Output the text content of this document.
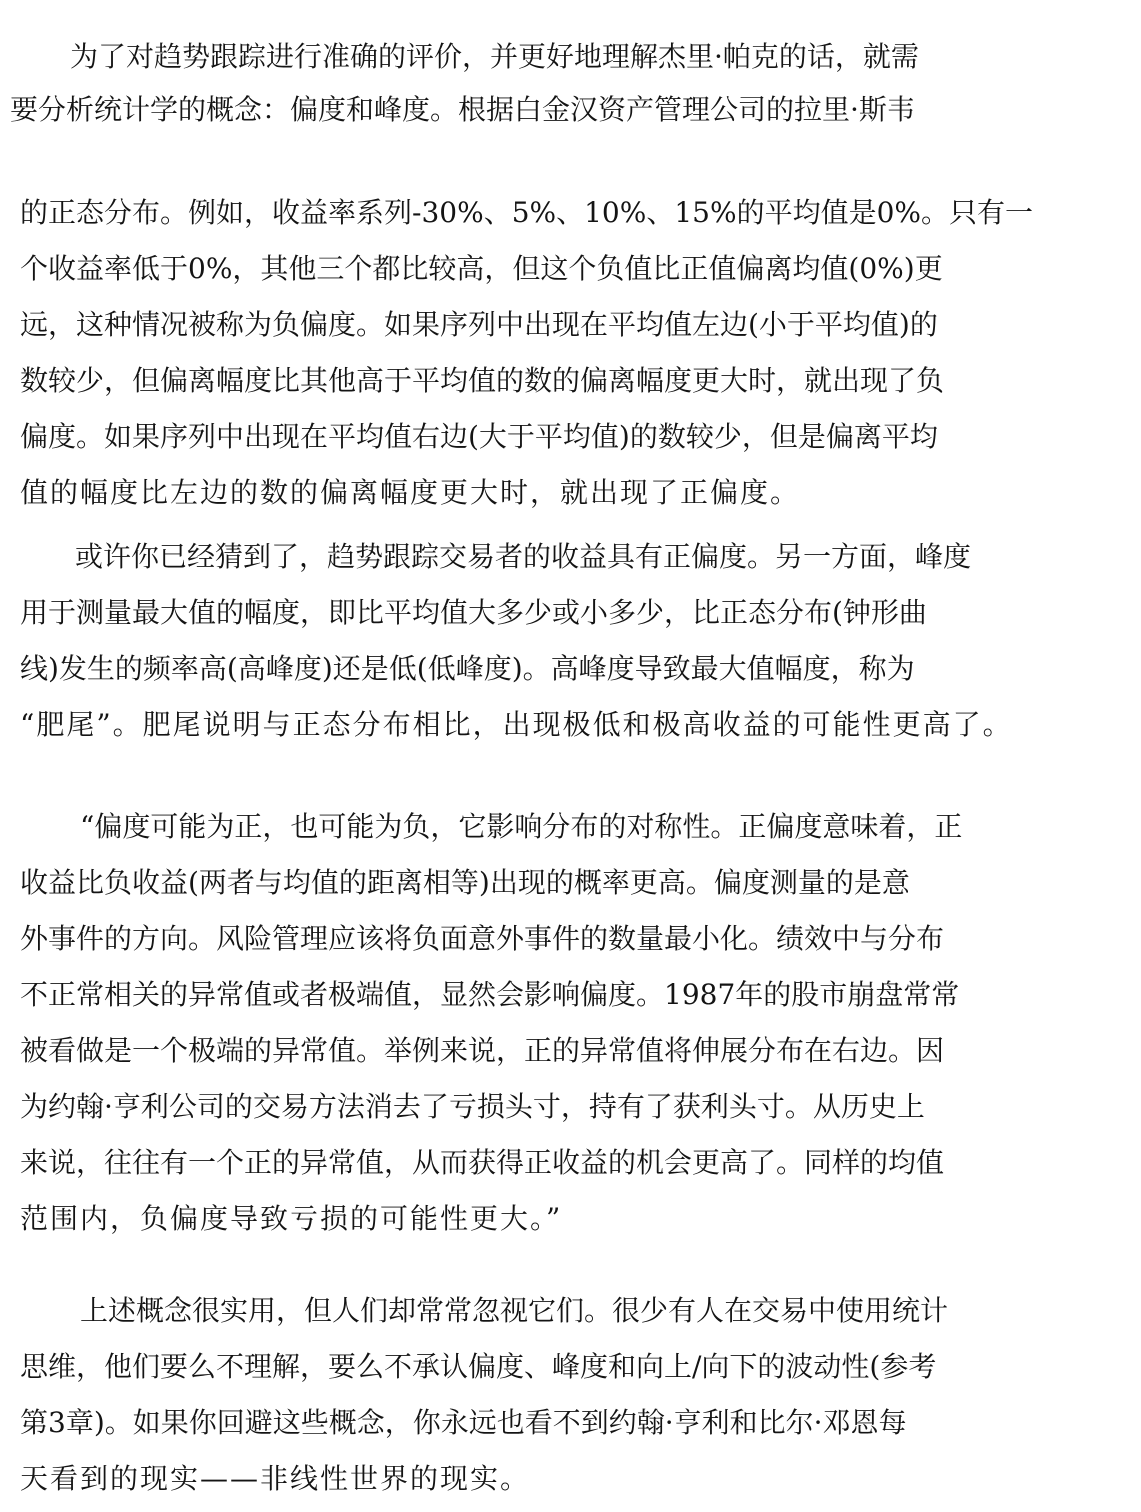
为了对趋势跟踪进行准确的评价，并更好地理解杰里·帕克的话，就需
要分析统计学的概念：偏度和峰度。根据白金汉资产管理公司的拉里·斯韦
的正态分布。例如，收益率系列-30%、5%、10%、15%的平均值是0%。只有一
个收益率低于0%，其他三个都比较高，但这个负值比正值偏离均值(0%)更
远，这种情况被称为负偏度。如果序列中出现在平均值左边(小于平均值)的
数较少，但偏离幅度比其他高于平均值的数的偏离幅度更大时，就出现了负
偏度。如果序列中出现在平均值右边(大于平均值)的数较少，但是偏离平均
值的幅度比左边的数的偏离幅度更大时，就出现了正偏度。
或许你已经猜到了，趋势跟踪交易者的收益具有正偏度。另一方面，峰度
用于测量最大值的幅度，即比平均值大多少或小多少，比正态分布(钟形曲
线)发生的频率高(高峰度)还是低(低峰度)。高峰度导致最大值幅度，称为
“肥尾”。肥尾说明与正态分布相比，出现极低和极高收益的可能性更高了。
“偏度可能为正，也可能为负，它影响分布的对称性。正偏度意味着，正
收益比负收益(两者与均值的距离相等)出现的概率更高。偏度测量的是意
外事件的方向。风险管理应该将负面意外事件的数量最小化。绩效中与分布
不正常相关的异常值或者极端值，显然会影响偏度。1987年的股市崩盘常常
被看做是一个极端的异常值。举例来说，正的异常值将伸展分布在右边。因
为约翰·亨利公司的交易方法消去了亏损头寸，持有了获利头寸。从历史上
来说，往往有一个正的异常值，从而获得正收益的机会更高了。同样的均值
范围内，负偏度导致亏损的可能性更大。”
上述概念很实用，但人们却常常忽视它们。很少有人在交易中使用统计
思维，他们要么不理解，要么不承认偏度、峰度和向上/向下的波动性(参考
第3章)。如果你回避这些概念，你永远也看不到约翰·亨利和比尔·邓恩每
天看到的现实——非线性世界的现实。
